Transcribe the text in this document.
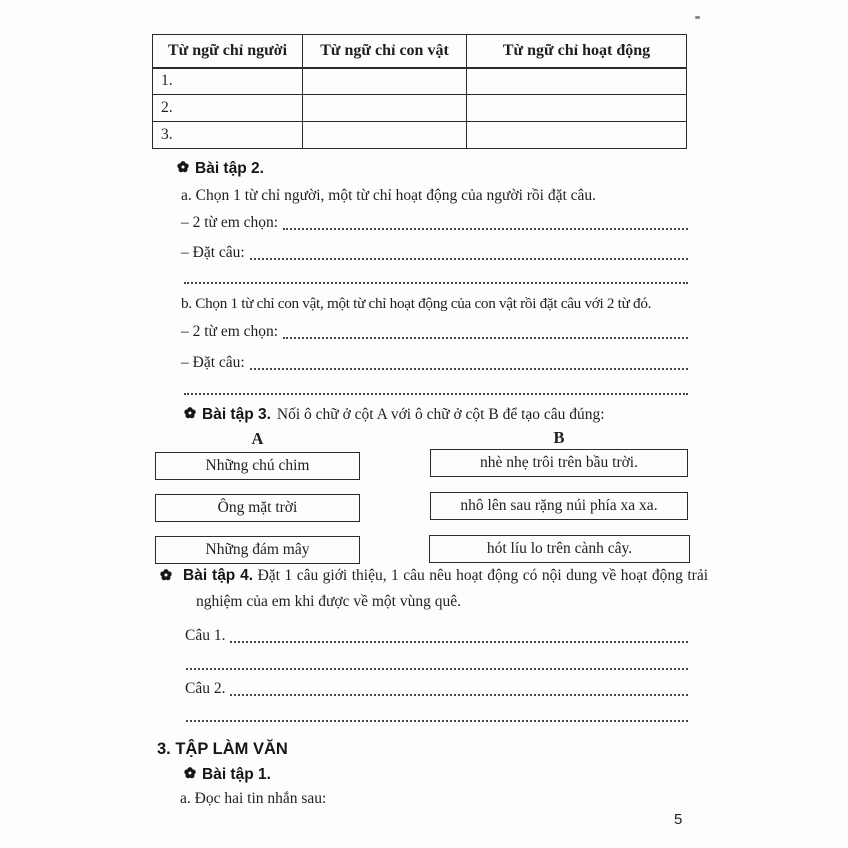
Từ ngữ chỉ người	Từ ngữ chỉ con vật	Từ ngữ chỉ hoạt động
1.		
2.		
3.		
Bài tập 2.
a. Chọn 1 từ chỉ người, một từ chỉ hoạt động của người rồi đặt câu.
– 2 từ em chọn:
– Đặt câu:
b. Chọn 1 từ chỉ con vật, một từ chỉ hoạt động của con vật rồi đặt câu với 2 từ đó.
– 2 từ em chọn:
– Đặt câu:
Bài tập 3. Nối ô chữ ở cột A với ô chữ ở cột B để tạo câu đúng:
A	B
Những chú chim
Ông mặt trời
Những đám mây
nhè nhẹ trôi trên bầu trời.
nhô lên sau rặng núi phía xa xa.
hót líu lo trên cành cây.
Bài tập 4. Đặt 1 câu giới thiệu, 1 câu nêu hoạt động có nội dung về hoạt động trải nghiệm của em khi được về một vùng quê.
Câu 1.
Câu 2.
3. TẬP LÀM VĂN
Bài tập 1.
a. Đọc hai tin nhắn sau:
5
